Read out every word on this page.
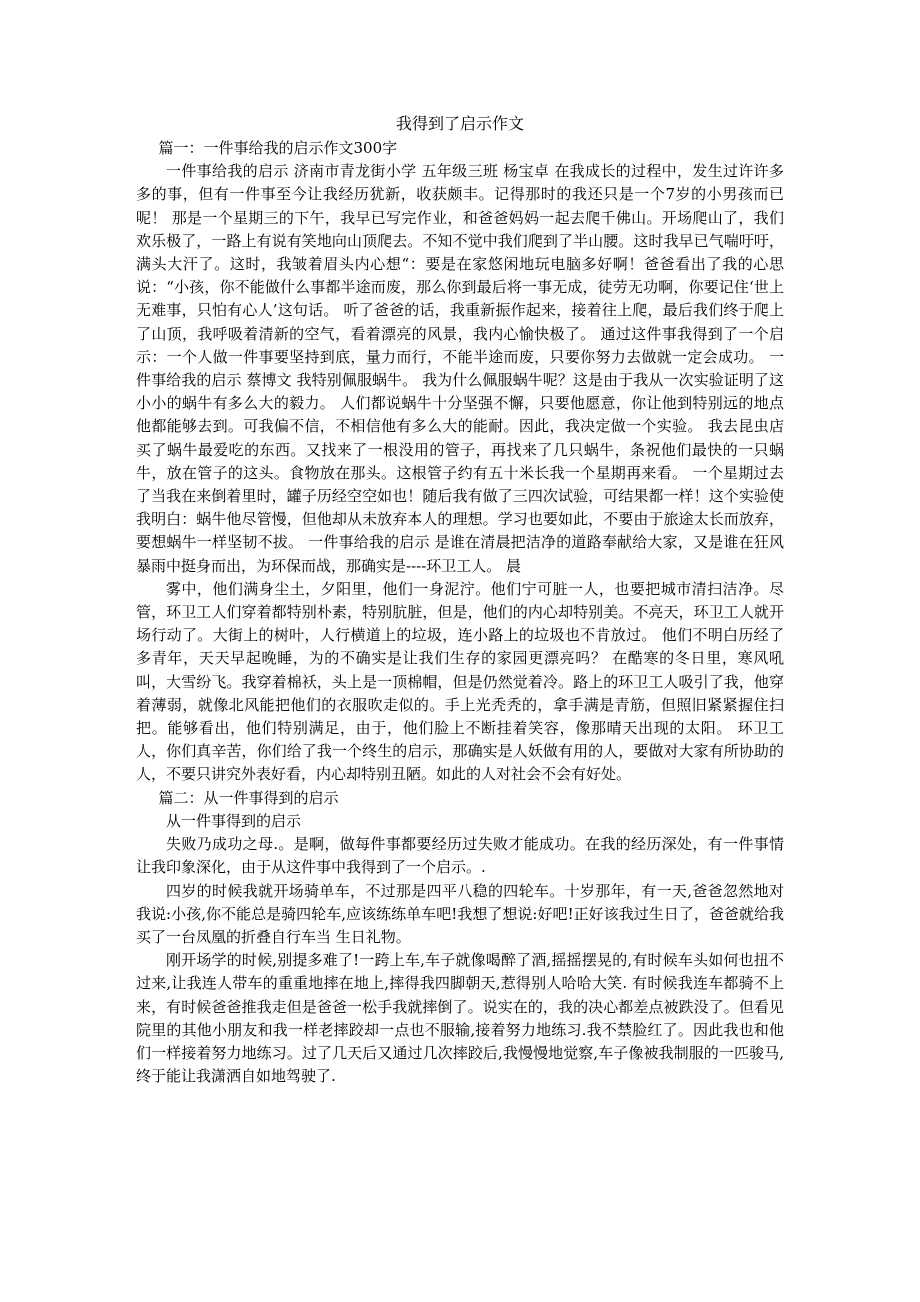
我得到了启示作文

篇一：一件事给我的启示作文300字

一件事给我的启示 济南市青龙街小学 五年级三班 杨宝卓 在我成长的过程中，发生过许许多多的事，但有一件事至今让我经历犹新，收获颇丰。记得那时的我还只是一个7岁的小男孩而已呢！ 那是一个星期三的下午，我早已写完作业，和爸爸妈妈一起去爬千佛山。开场爬山了，我们欢乐极了，一路上有说有笑地向山顶爬去。不知不觉中我们爬到了半山腰。这时我早已气喘吁吁，满头大汗了。这时，我皱着眉头内心想“：要是在家悠闲地玩电脑多好啊！爸爸看出了我的心思说：“小孩，你不能做什么事都半途而废，那么你到最后将一事无成，徒劳无功啊，你要记住‘世上无难事，只怕有心人’这句话。 听了爸爸的话，我重新振作起来，接着往上爬，最后我们终于爬上了山顶，我呼吸着清新的空气，看着漂亮的风景，我内心愉快极了。 通过这件事我得到了一个启示：一个人做一件事要坚持到底，量力而行，不能半途而废，只要你努力去做就一定会成功。 一件事给我的启示 蔡博文 我特别佩服蜗牛。 我为什么佩服蜗牛呢？这是由于我从一次实验证明了这小小的蜗牛有多么大的毅力。 人们都说蜗牛十分坚强不懈，只要他愿意，你让他到特别远的地点他都能够去到。可我偏不信，不相信他有多么大的能耐。因此，我决定做一个实验。 我去昆虫店买了蜗牛最爱吃的东西。又找来了一根没用的管子，再找来了几只蜗牛，条祝他们最快的一只蜗牛，放在管子的这头。食物放在那头。这根管子约有五十米长我一个星期再来看。 一个星期过去了当我在来倒着里时，罐子历经空空如也！随后我有做了三四次试验，可结果都一样！这个实验使我明白：蜗牛他尽管慢，但他却从未放弃本人的理想。学习也要如此，不要由于旅途太长而放弃，要想蜗牛一样坚韧不拔。 一件事给我的启示 是谁在清晨把洁净的道路奉献给大家，又是谁在狂风暴雨中挺身而出，为环保而战，那确实是----环卫工人。 晨

雾中，他们满身尘土，夕阳里，他们一身泥泞。他们宁可脏一人，也要把城市清扫洁净。尽管，环卫工人们穿着都特别朴素，特别肮脏，但是，他们的内心却特别美。不亮天，环卫工人就开场行动了。大街上的树叶，人行横道上的垃圾，连小路上的垃圾也不肯放过。 他们不明白历经了多青年，天天早起晚睡，为的不确实是让我们生存的家园更漂亮吗？ 在酷寒的冬日里，寒风吼叫，大雪纷飞。我穿着棉袄，头上是一顶棉帽，但是仍然觉着冷。路上的环卫工人吸引了我，他穿着薄弱，就像北风能把他们的衣服吹走似的。手上光秃秃的，拿手满是青筋，但照旧紧紧握住扫把。能够看出，他们特别满足，由于，他们脸上不断挂着笑容，像那晴天出现的太阳。 环卫工人，你们真辛苦，你们给了我一个终生的启示，那确实是人妖做有用的人，要做对大家有所协助的人，不要只讲究外表好看，内心却特别丑陋。如此的人对社会不会有好处。

篇二：从一件事得到的启示

从一件事得到的启示

失败乃成功之母.。是啊，做每件事都要经历过失败才能成功。在我的经历深处，有一件事情让我印象深化，由于从这件事中我得到了一个启示。.

四岁的时候我就开场骑单车，不过那是四平八稳的四轮车。十岁那年，有一天,爸爸忽然地对我说:小孩,你不能总是骑四轮车,应该练练单车吧!我想了想说:好吧!正好该我过生日了，爸爸就给我买了一台凤凰的折叠自行车当 生日礼物。

刚开场学的时候,别提多难了!一跨上车,车子就像喝醉了酒,摇摇摆晃的,有时候车头如何也扭不过来,让我连人带车的重重地摔在地上,摔得我四脚朝天,惹得别人哈哈大笑. 有时候我连车都骑不上来，有时候爸爸推我走但是爸爸一松手我就摔倒了。说实在的，我的决心都差点被跌没了。但看见院里的其他小朋友和我一样老摔跤却一点也不服输,接着努力地练习.我不禁脸红了。因此我也和他们一样接着努力地练习。过了几天后又通过几次摔跤后,我慢慢地觉察,车子像被我制服的一匹骏马,终于能让我潇洒自如地驾驶了.
